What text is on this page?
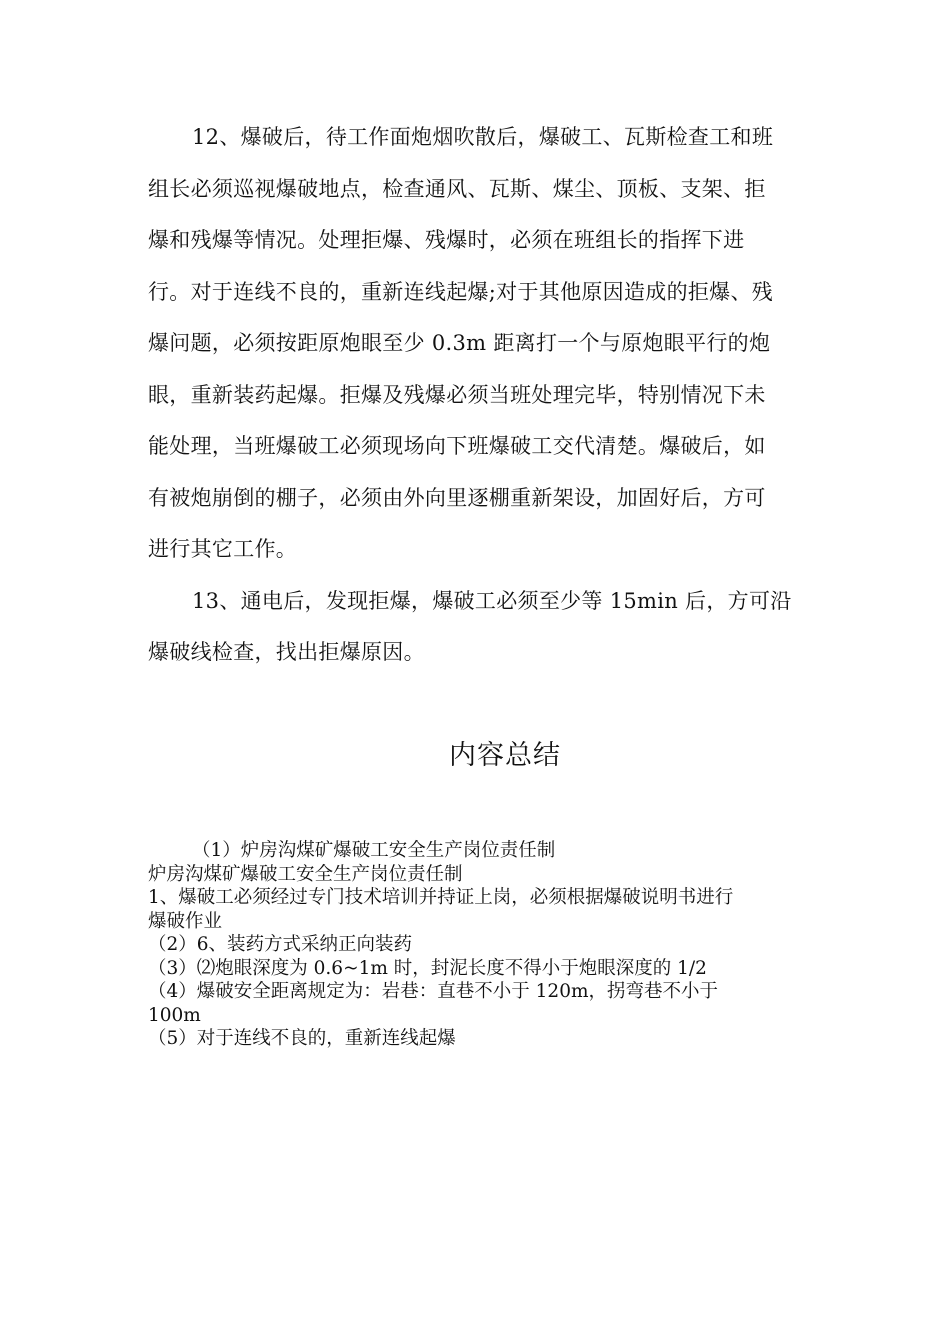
12、爆破后，待工作面炮烟吹散后，爆破工、瓦斯检查工和班
组长必须巡视爆破地点，检查通风、瓦斯、煤尘、顶板、支架、拒
爆和残爆等情况。处理拒爆、残爆时，必须在班组长的指挥下进
行。对于连线不良的，重新连线起爆;对于其他原因造成的拒爆、残
爆问题，必须按距原炮眼至少 0.3m 距离打一个与原炮眼平行的炮
眼，重新装药起爆。拒爆及残爆必须当班处理完毕，特别情况下未
能处理，当班爆破工必须现场向下班爆破工交代清楚。爆破后，如
有被炮崩倒的棚子，必须由外向里逐棚重新架设，加固好后，方可
进行其它工作。

13、通电后，发现拒爆，爆破工必须至少等 15min 后，方可沿
爆破线检查，找出拒爆原因。

内容总结
（1）炉房沟煤矿爆破工安全生产岗位责任制
炉房沟煤矿爆破工安全生产岗位责任制
1、爆破工必须经过专门技术培训并持证上岗，必须根据爆破说明书进行
爆破作业
（2）6、装药方式采纳正向装药
（3）⑵炮眼深度为 0.6~1m 时，封泥长度不得小于炮眼深度的 1/2
（4）爆破安全距离规定为：岩巷：直巷不小于 120m，拐弯巷不小于
100m
（5）对于连线不良的，重新连线起爆
